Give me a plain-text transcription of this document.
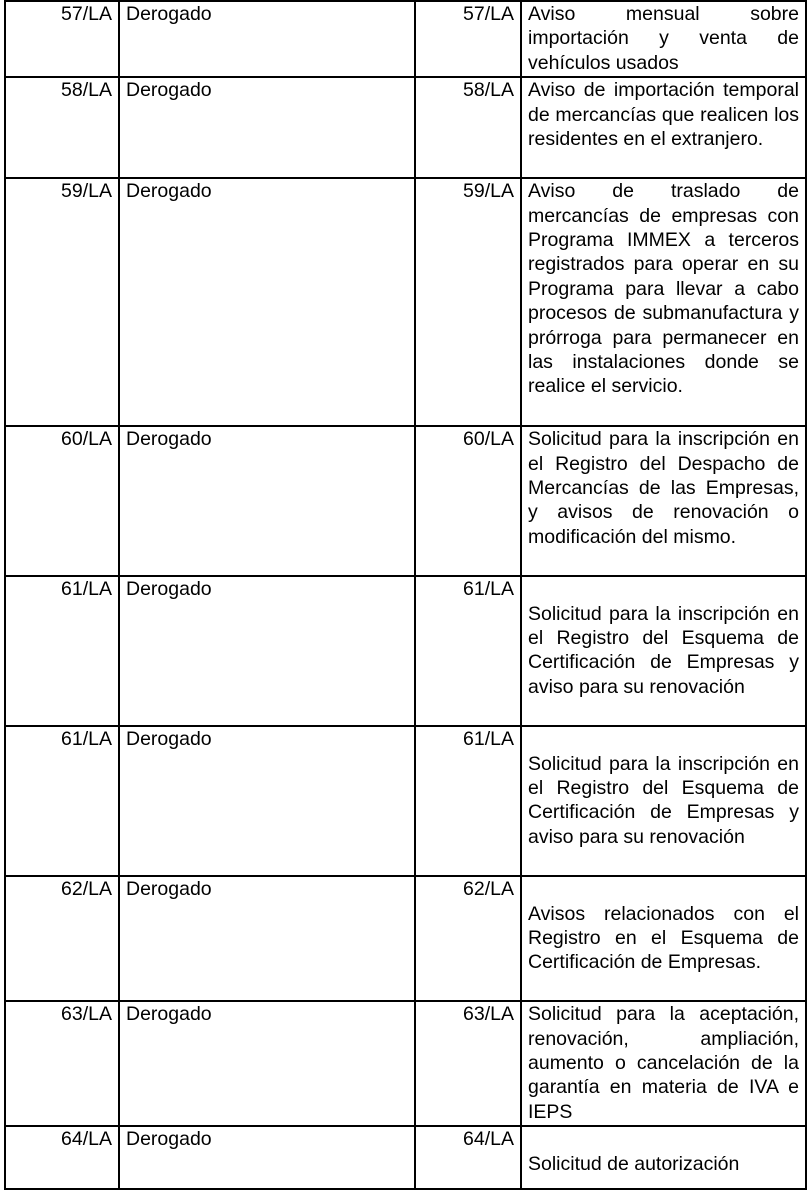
57/LA	Derogado	57/LA	Aviso mensual sobre importación y venta de vehículos usados
58/LA	Derogado	58/LA	Aviso de importación temporal de mercancías que realicen los residentes en el extranjero.
59/LA	Derogado	59/LA	Aviso de traslado de mercancías de empresas con Programa IMMEX a terceros registrados para operar en su Programa para llevar a cabo procesos de submanufactura y prórroga para permanecer en las instalaciones donde se realice el servicio.
60/LA	Derogado	60/LA	Solicitud para la inscripción en el Registro del Despacho de Mercancías de las Empresas, y avisos de renovación o modificación del mismo.
61/LA	Derogado	61/LA	Solicitud para la inscripción en el Registro del Esquema de Certificación de Empresas y aviso para su renovación
61/LA	Derogado	61/LA	Solicitud para la inscripción en el Registro del Esquema de Certificación de Empresas y aviso para su renovación
62/LA	Derogado	62/LA	Avisos relacionados con el Registro en el Esquema de Certificación de Empresas.
63/LA	Derogado	63/LA	Solicitud para la aceptación, renovación, ampliación, aumento o cancelación de la garantía en materia de IVA e IEPS
64/LA	Derogado	64/LA	Solicitud de autorización
